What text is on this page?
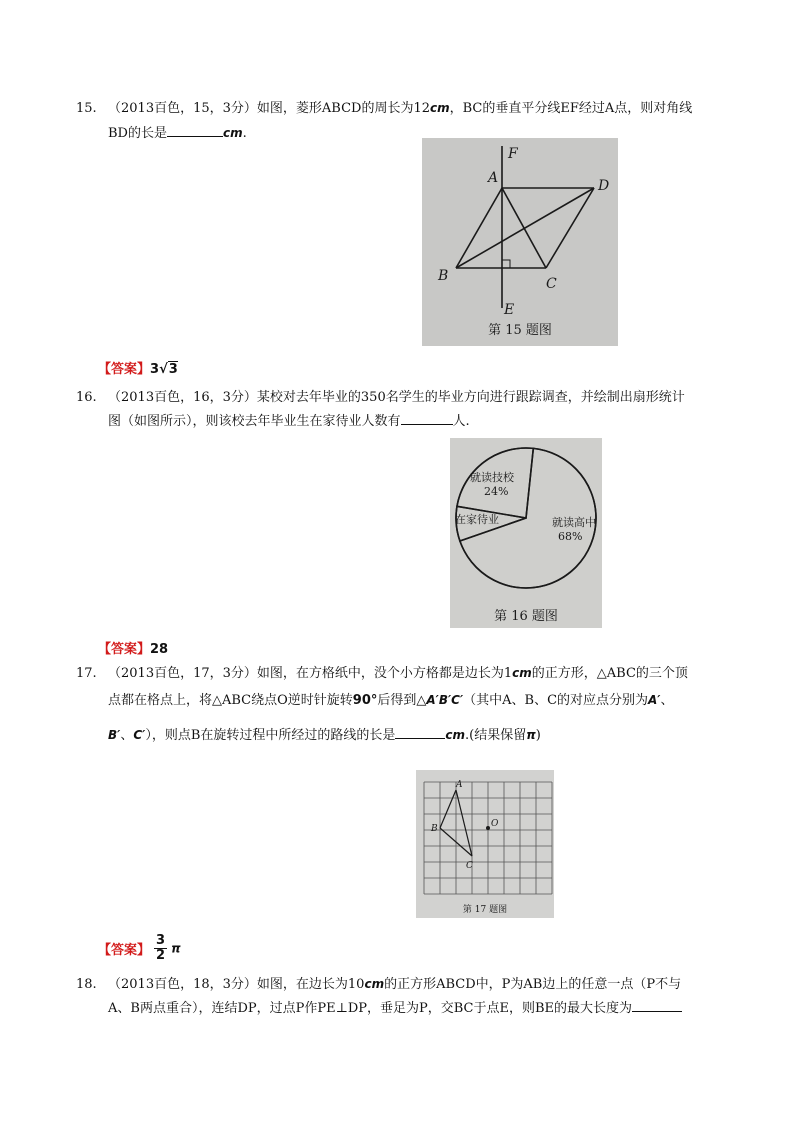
15. （2013百色，15，3分）如图，菱形ABCD的周长为12cm，BC的垂直平分线EF经过A点，则对角线
BD的长是	cm.
F
A	D
B	C
E
第 15 题图
【答案】3√3
16. （2013百色，16，3分）某校对去年毕业的350名学生的毕业方向进行跟踪调查，并绘制出扇形统计
图（如图所示），则该校去年毕业生在家待业人数有	人.
就读高中
68%
在家待业
就读技校
24%
第 16 题图
【答案】28
17. （2013百色，17，3分）如图，在方格纸中，没个小方格都是边长为1cm的正方形，△ABC的三个顶
点都在格点上，将△ABC绕点O逆时针旋转90°后得到△A′B′C′（其中A、B、C的对应点分别为A′、
B′、C′），则点B在旋转过程中所经过的路线的长是	cm.(结果保留π)
A
B
C
O
第 17 题图
【答案】 $\frac{3}{2}$ π
18. （2013百色，18，3分）如图，在边长为10cm的正方形ABCD中，P为AB边上的任意一点（P不与
A、B两点重合），连结DP，过点P作PE⊥DP，垂足为P，交BC于点E，则BE的最大长度为
